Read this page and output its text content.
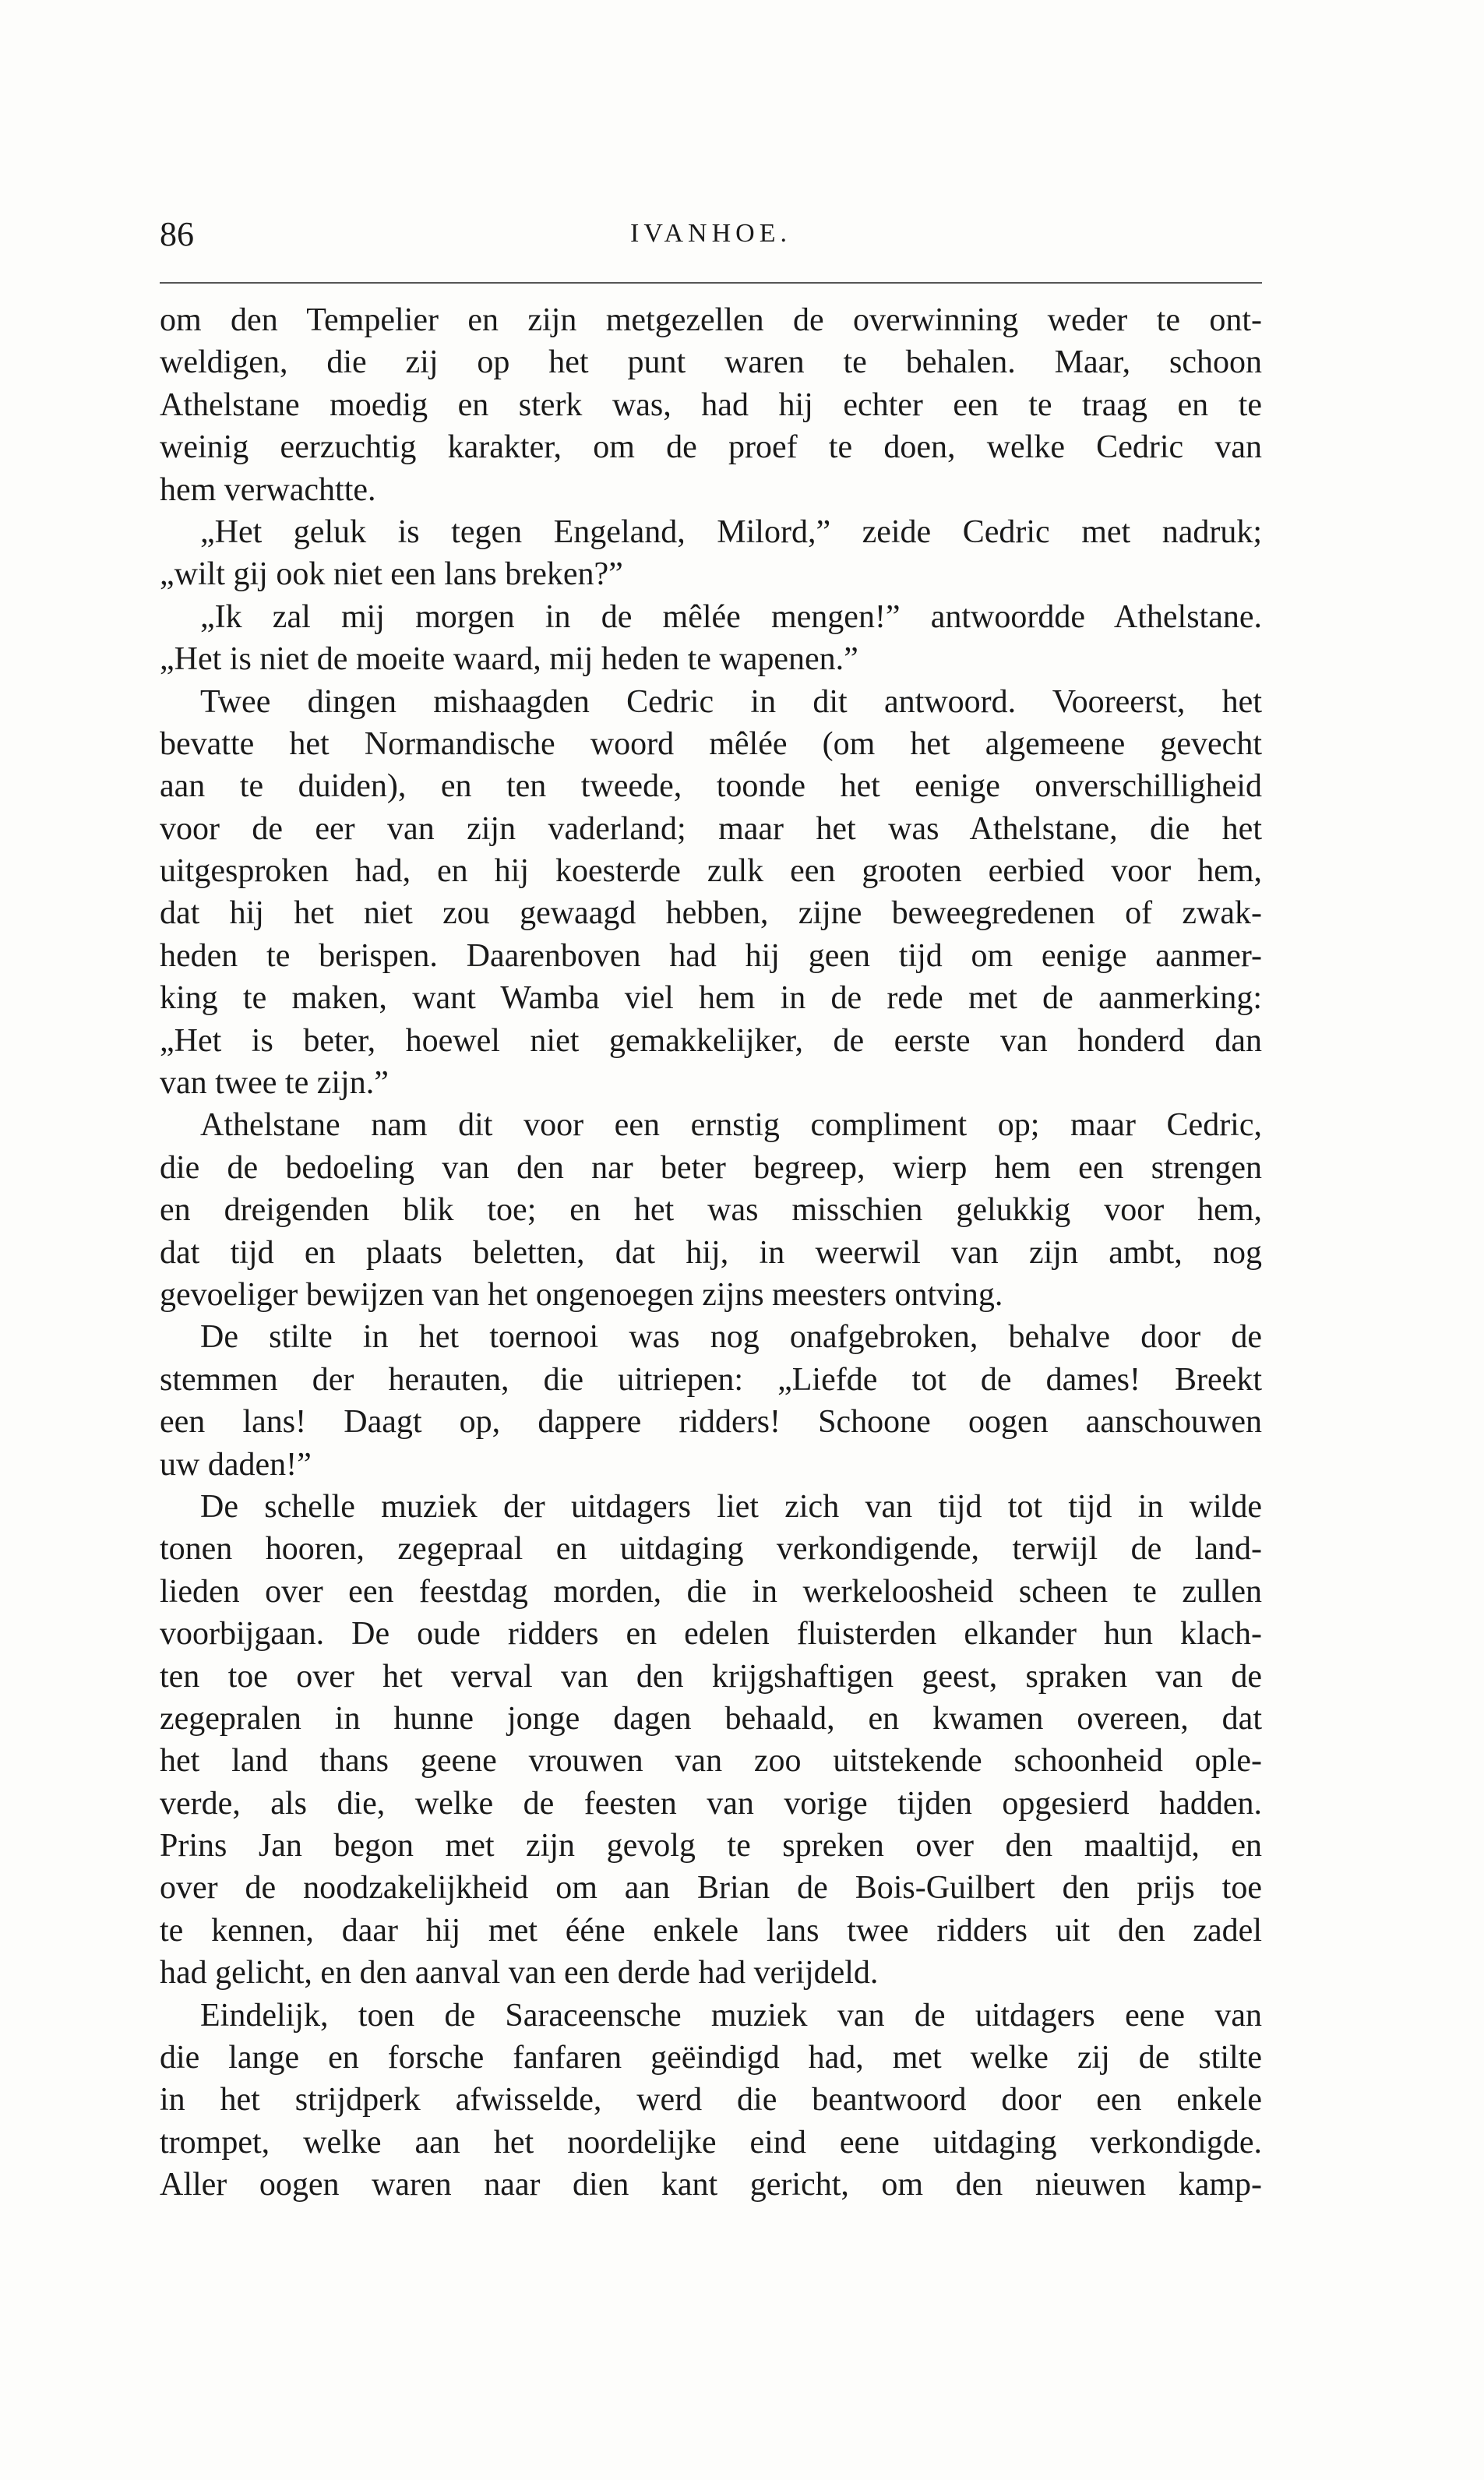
86	IVANHOE.
om den Tempelier en zijn metgezellen de overwinning weder te ont-
weldigen, die zij op het punt waren te behalen. Maar, schoon
Athelstane moedig en sterk was, had hij echter een te traag en te
weinig eerzuchtig karakter, om de proef te doen, welke Cedric van
hem verwachtte.
„Het geluk is tegen Engeland, Milord,” zeide Cedric met nadruk;
„wilt gij ook niet een lans breken?”
„Ik zal mij morgen in de mêlée mengen!” antwoordde Athelstane.
„Het is niet de moeite waard, mij heden te wapenen.”
Twee dingen mishaagden Cedric in dit antwoord. Vooreerst, het
bevatte het Normandische woord mêlée (om het algemeene gevecht
aan te duiden), en ten tweede, toonde het eenige onverschilligheid
voor de eer van zijn vaderland; maar het was Athelstane, die het
uitgesproken had, en hij koesterde zulk een grooten eerbied voor hem,
dat hij het niet zou gewaagd hebben, zijne beweegredenen of zwak-
heden te berispen. Daarenboven had hij geen tijd om eenige aanmer-
king te maken, want Wamba viel hem in de rede met de aanmerking:
„Het is beter, hoewel niet gemakkelijker, de eerste van honderd dan
van twee te zijn.”
Athelstane nam dit voor een ernstig compliment op; maar Cedric,
die de bedoeling van den nar beter begreep, wierp hem een strengen
en dreigenden blik toe; en het was misschien gelukkig voor hem,
dat tijd en plaats beletten, dat hij, in weerwil van zijn ambt, nog
gevoeliger bewijzen van het ongenoegen zijns meesters ontving.
De stilte in het toernooi was nog onafgebroken, behalve door de
stemmen der herauten, die uitriepen: „Liefde tot de dames! Breekt
een lans! Daagt op, dappere ridders! Schoone oogen aanschouwen
uw daden!”
De schelle muziek der uitdagers liet zich van tijd tot tijd in wilde
tonen hooren, zegepraal en uitdaging verkondigende, terwijl de land-
lieden over een feestdag morden, die in werkeloosheid scheen te zullen
voorbijgaan. De oude ridders en edelen fluisterden elkander hun klach-
ten toe over het verval van den krijgshaftigen geest, spraken van de
zegepralen in hunne jonge dagen behaald, en kwamen overeen, dat
het land thans geene vrouwen van zoo uitstekende schoonheid ople-
verde, als die, welke de feesten van vorige tijden opgesierd hadden.
Prins Jan begon met zijn gevolg te spreken over den maaltijd, en
over de noodzakelijkheid om aan Brian de Bois-Guilbert den prijs toe
te kennen, daar hij met ééne enkele lans twee ridders uit den zadel
had gelicht, en den aanval van een derde had verijdeld.
Eindelijk, toen de Saraceensche muziek van de uitdagers eene van
die lange en forsche fanfaren geëindigd had, met welke zij de stilte
in het strijdperk afwisselde, werd die beantwoord door een enkele
trompet, welke aan het noordelijke eind eene uitdaging verkondigde.
Aller oogen waren naar dien kant gericht, om den nieuwen kamp-
